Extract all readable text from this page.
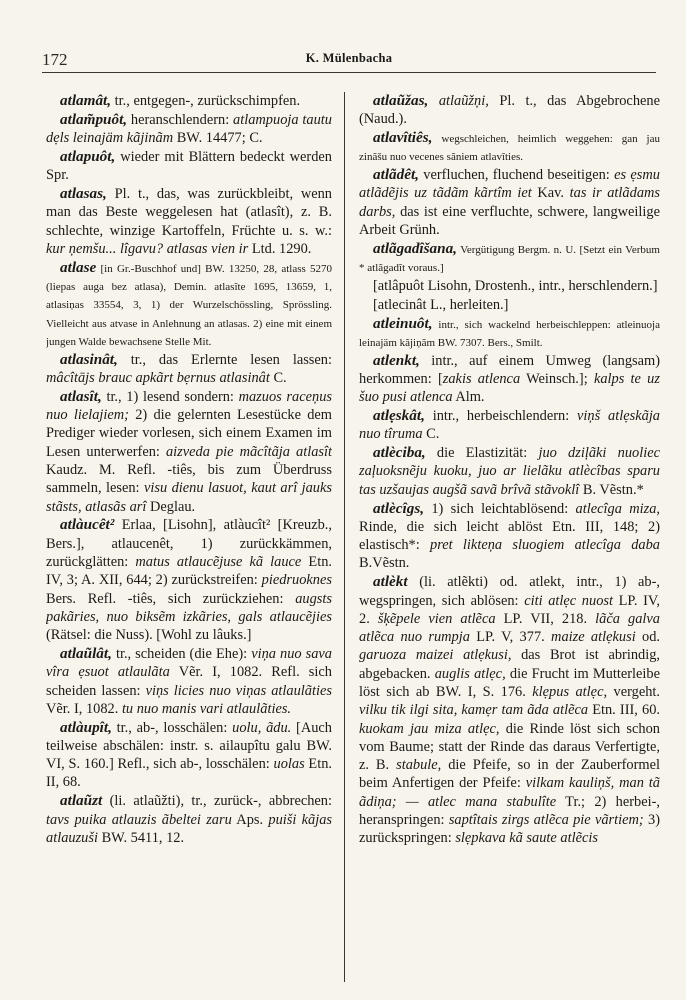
172	K. Mülenbacha

atlamât, tr., entgegen-, zurückschimpfen.

atlam̃puôt, heranschlendern: atlampuoja tautu dẹls leinajäm kãjinãm BW. 14477; C.

atlapuôt, wieder mit Blättern bedeckt werden Spr.

atlasas, Pl. t., das, was zurückbleibt, wenn man das Beste weggelesen hat (atlasît), z. B. schlechte, winzige Kartoffeln, Früchte u. s. w.: kur ņemšu... lîgavu? atlasas vien ir Ltd. 1290.

atlase [in Gr.-Buschhof und] BW. 13250, 28, atlass 5270 (liepas auga bez atlasa), Demin. atlasîte 1695, 13659, 1, atlasiņas 33554, 3, 1) der Wurzelschössling, Sprössling. Vielleicht aus atvase in Anlehnung an atlasas. 2) eine mit einem jungen Walde bewachsene Stelle Mit.

atlasinât, tr., das Erlernte lesen lassen: mâcîtājs brauc apkãrt bẹrnus atlasinât C.

atlasît, tr., 1) lesend sondern: mazuos raceņus nuo lielajiem; 2) die gelernten Lesestücke dem Prediger wieder vorlesen, sich einem Examen im Lesen unterwerfen: aizveda pie mãcîtãja atlasît Kaudz. M. Refl. -tiês, bis zum Überdruss sammeln, lesen: visu dienu lasuot, kaut arî jauks stãsts, atlasãs arî Deglau.

atlàucêt² Erlaa, [Lisohn], atlàucît² [Kreuzb., Bers.], atlaucenêt, 1) zurückkämmen, zurückglätten: matus atlaucẽjuse kã lauce Etn. IV, 3; A. XII, 644; 2) zurückstreifen: piedruoknes Bers. Refl. -tiês, sich zurückziehen: augsts pakãries, nuo biksẽm izkãries, gals atlaucẽjies (Rätsel: die Nuss). [Wohl zu lâuks.]

atlaũlât, tr., scheiden (die Ehe): viņa nuo sava vîra ẹsuot atlaulãta Vẽr. I, 1082. Refl. sich scheiden lassen: viņs licies nuo viņas atlaulãties Vẽr. I, 1082. tu nuo manis vari atlaulãties.

atlàupît, tr., ab-, losschälen: uolu, ãdu. [Auch teilweise abschälen: instr. s. ailaupîtu galu BW. VI, S. 160.] Refl., sich ab-, losschälen: uolas Etn. II, 68.

atlaũzt (li. atlaũžti), tr., zurück-, abbrechen: tavs puika atlauzis ãbeltei zaru Aps. puiši kãjas atlauzuši BW. 5411, 12.

atlaũžas, atlaũžņi, Pl. t., das Abgebrochene (Naud.).

atlavîtiês, wegschleichen, heimlich weggehen: gan jau zinãšu nuo vecenes sãniem atlavîties.

atlãdêt, verfluchen, fluchend beseitigen: es ẹsmu atlãdẽjis uz tãdãm kãrtîm iet Kav. tas ir atlãdams darbs, das ist eine verfluchte, schwere, langweilige Arbeit Grünh.

atlãgadîšana, Vergütigung Bergm. n. U. [Setzt ein Verbum * atlãgadît voraus.]

[atlâpuôt Lisohn, Drostenh., intr., herschlendern.]

[atlecinât L., herleiten.]

atleinuôt, intr., sich wackelnd herbeischleppen: atleinuoja leinajäm kãjiņãm BW. 7307. Bers., Smilt.

atlenkt, intr., auf einem Umweg (langsam) herkommen: [zakis atlenca Weinsch.]; kalps te uz šuo pusi atlenca Alm.

atlẹskât, intr., herbeischlendern: viņš atlẹskãja nuo tîruma C.

atlèciba, die Elastizität: juo dziļãki nuoliec zaļuoksnẽju kuoku, juo ar lielãku atlècîbas sparu tas uzšaujas augšã savã brîvã stãvoklî B. Vẽstn.*

atlècîgs, 1) sich leichtablösend: atlecîga miza, Rinde, die sich leicht ablöst Etn. III, 148; 2) elastisch*: pret likteņa sluogiem atlecîga daba B.Vẽstn.

atlèkt (li. atlẽkti) od. atlekt, intr., 1) ab-, wegspringen, sich ablösen: citi atlẹc nuost LP. IV, 2. šķẽpele vien atlẽca LP. VII, 218. lãča galva atlẽca nuo rumpja LP. V, 377. maize atlẹkusi od. garuoza maizei atlẹkusi, das Brot ist abrindig, abgebacken. auglis atlẹc, die Frucht im Mutterleibe löst sich ab BW. I, S. 176. klẹpus atlẹc, vergeht. vilku tik ilgi sita, kamẹr tam ãda atlẽca Etn. III, 60. kuokam jau miza atlẹc, die Rinde löst sich schon vom Baume; statt der Rinde das daraus Verfertigte, z. B. stabule, die Pfeife, so in der Zauberformel beim Anfertigen der Pfeife: vilkam kauliņš, man tã ãdiņa; — atlec mana stabulîte Tr.; 2) herbei-, heranspringen: saptîtais zirgs atlẽca pie vãrtiem; 3) zurückspringen: slẹpkava kã saute atlẽcis
